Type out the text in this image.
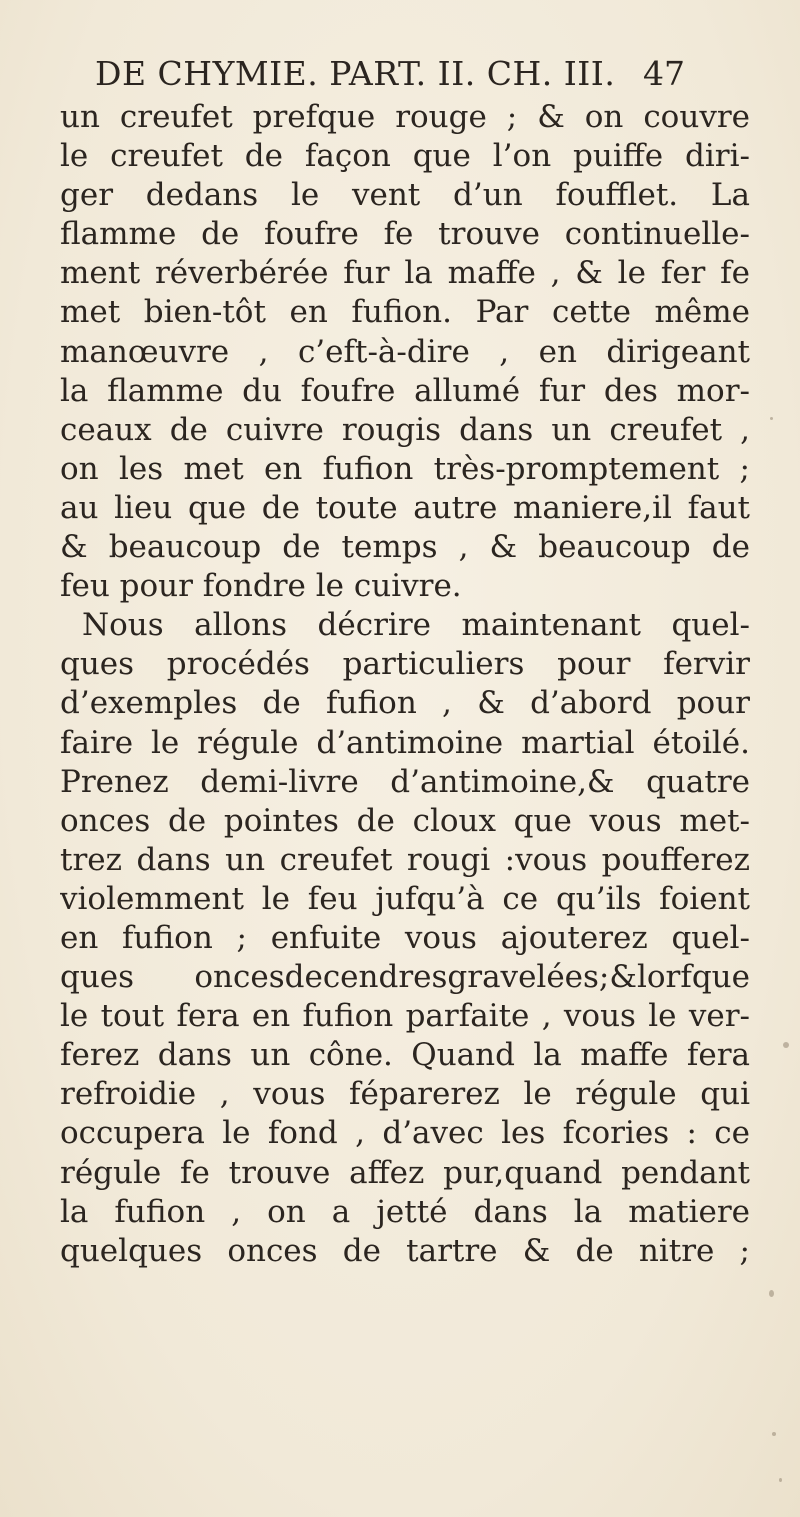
DE CHYMIE. PART. II. CH. III. 47
un creufet prefque rouge ; & on couvre
le creufet de façon que l’on puiffe diri-
ger dedans le vent d’un foufflet. La
flamme de foufre fe trouve continuelle-
ment réverbérée fur la maffe , & le fer fe
met bien-tôt en fufion. Par cette même
manœuvre , c’eft-à-dire , en dirigeant
la flamme du foufre allumé fur des mor-
ceaux de cuivre rougis dans un creufet ,
on les met en fufion très-promptement ;
au lieu que de toute autre maniere,il faut
& beaucoup de temps , & beaucoup de
feu pour fondre le cuivre.
Nous allons décrire maintenant quel-
ques procédés particuliers pour fervir
d’exemples de fufion , & d’abord pour
faire le régule d’antimoine martial étoilé.
Prenez demi-livre d’antimoine,& quatre
onces de pointes de cloux que vous met-
trez dans un creufet rougi :vous poufferez
violemment le feu jufqu’à ce qu’ils foient
en fufion ; enfuite vous ajouterez quel-
ques oncesdecendresgravelées;&lorfque
le tout fera en fufion parfaite , vous le ver-
ferez dans un cône. Quand la maffe fera
refroidie , vous féparerez le régule qui
occupera le fond , d’avec les fcories : ce
régule fe trouve affez pur,quand pendant
la fufion , on a jetté dans la matiere
quelques onces de tartre & de nitre ;
